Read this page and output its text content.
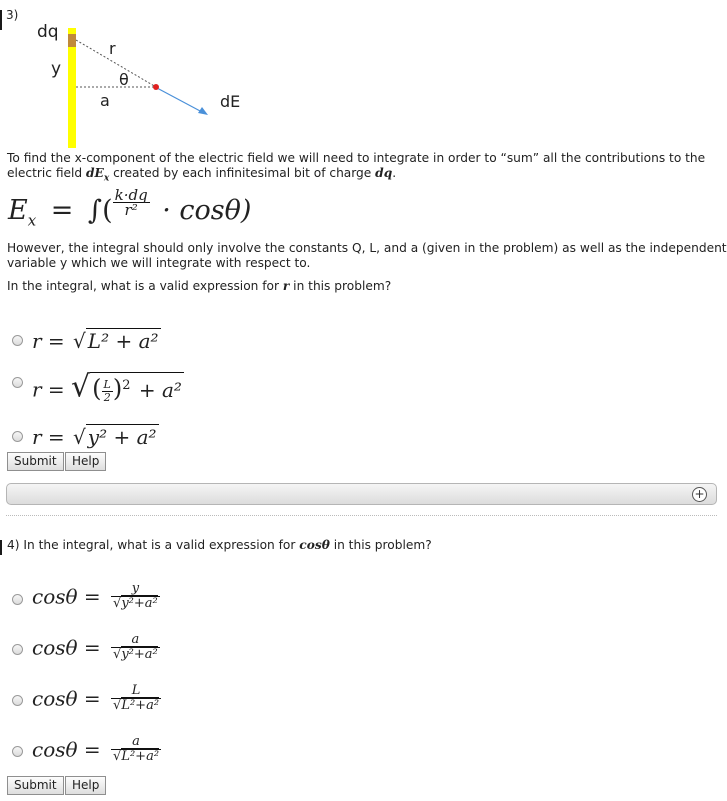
3)
dq
r
y
θ
a	dE
To find the x-component of the electric field we will need to integrate in order to “sum” all the contributions to the
electric field $dE_x$ created by each infinitesimal bit of charge dq.
$E_x$ = ∫( $\frac{k\cdot dq}{\text{r²}} \cdot \cos\theta$)
However, the integral should only involve the constants Q, L, and a (given in the problem) as well as the independent
variable y which we will integrate with respect to.
In the integral, what is a valid expression for r in this problem?
r = √ L² + a²
r = √( $\frac{L}{2} )^2 + a^2$
r = √ y² + a²
Submit	Help
+
4) In the integral, what is a valid expression for cosθ in this problem?
$\cos\theta = \frac{y}{\text{√y²+a²}}$
$\cos\theta = \frac{a}{\text{√y²+a²}}$
$\cos\theta = \frac{L}{\text{√L²+a²}}$
$\cos\theta = \frac{a}{\text{√L²+a²}}$
Submit	Help
